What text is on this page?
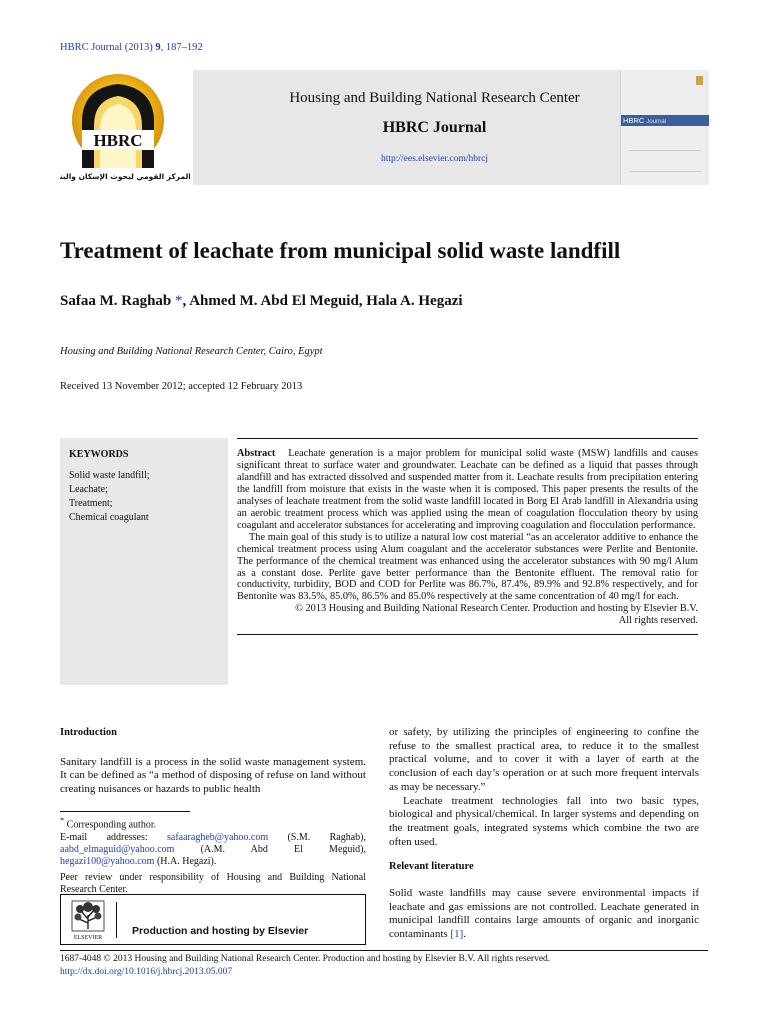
HBRC Journal (2013) 9, 187–192
HBRC
المركز القومي لبحوث الإسكان والبناء
Housing and Building National Research Center
HBRC Journal
http://ees.elsevier.com/hbrcj
HBRC Journal
Treatment of leachate from municipal solid waste landfill
Safaa M. Raghab *, Ahmed M. Abd El Meguid, Hala A. Hegazi
Housing and Building National Research Center, Cairo, Egypt
Received 13 November 2012; accepted 12 February 2013
KEYWORDS
Solid waste landfill;
Leachate;
Treatment;
Chemical coagulant

Abstract Leachate generation is a major problem for municipal solid waste (MSW) landfills and causes significant threat to surface water and groundwater. Leachate can be defined as a liquid that passes through alandfill and has extracted dissolved and suspended matter from it. Leachate results from precipitation entering the landfill from moisture that exists in the waste when it is composed. This paper presents the results of the analyses of leachate treatment from the solid waste landfill located in Borg El Arab landfill in Alexandria using an aerobic treatment process which was applied using the mean of coagulation flocculation theory by using coagulant and accelerator substances for accelerating and improving coagulation and flocculation performance.

The main goal of this study is to utilize a natural low cost material “as an accelerator additive to enhance the chemical treatment process using Alum coagulant and the accelerator substances were Perlite and Bentonite. The performance of the chemical treatment was enhanced using the accelerator substances with 90 mg/l Alum as a constant dose. Perlite gave better performance than the Bentonite effluent. The removal ratio for conductivity, turbidity, BOD and COD for Perlite was 86.7%, 87.4%, 89.9% and 92.8% respectively, and for Bentonite was 83.5%, 85.0%, 86.5% and 85.0% respectively at the same concentration of 40 mg/l for each.

© 2013 Housing and Building National Research Center. Production and hosting by Elsevier B.V.

All rights reserved.

Introduction

Sanitary landfill is a process in the solid waste management system. It can be defined as “a method of disposing of refuse on land without creating nuisances or hazards to public health

* Corresponding author.

E-mail addresses: safaaragheb@yahoo.com (S.M. Raghab), aabd_elmaguid@yahoo.com (A.M. Abd El Meguid), hegazi100@yahoo.com (H.A. Hegazi).

Peer review under responsibility of Housing and Building National Research Center.

ELSEVIER
Production and hosting by Elsevier

or safety, by utilizing the principles of engineering to confine the refuse to the smallest practical area, to reduce it to the smallest practical volume, and to cover it with a layer of earth at the conclusion of each day’s operation or at such more frequent intervals as may be necessary.”

Leachate treatment technologies fall into two basic types, biological and physical/chemical. In larger systems and depending on the treatment goals, integrated systems which combine the two are often used.

Relevant literature

Solid waste landfills may cause severe environmental impacts if leachate and gas emissions are not controlled. Leachate generated in municipal landfill contains large amounts of organic and inorganic contaminants [1].

1687-4048 © 2013 Housing and Building National Research Center. Production and hosting by Elsevier B.V. All rights reserved.
http://dx.doi.org/10.1016/j.hbrcj.2013.05.007
